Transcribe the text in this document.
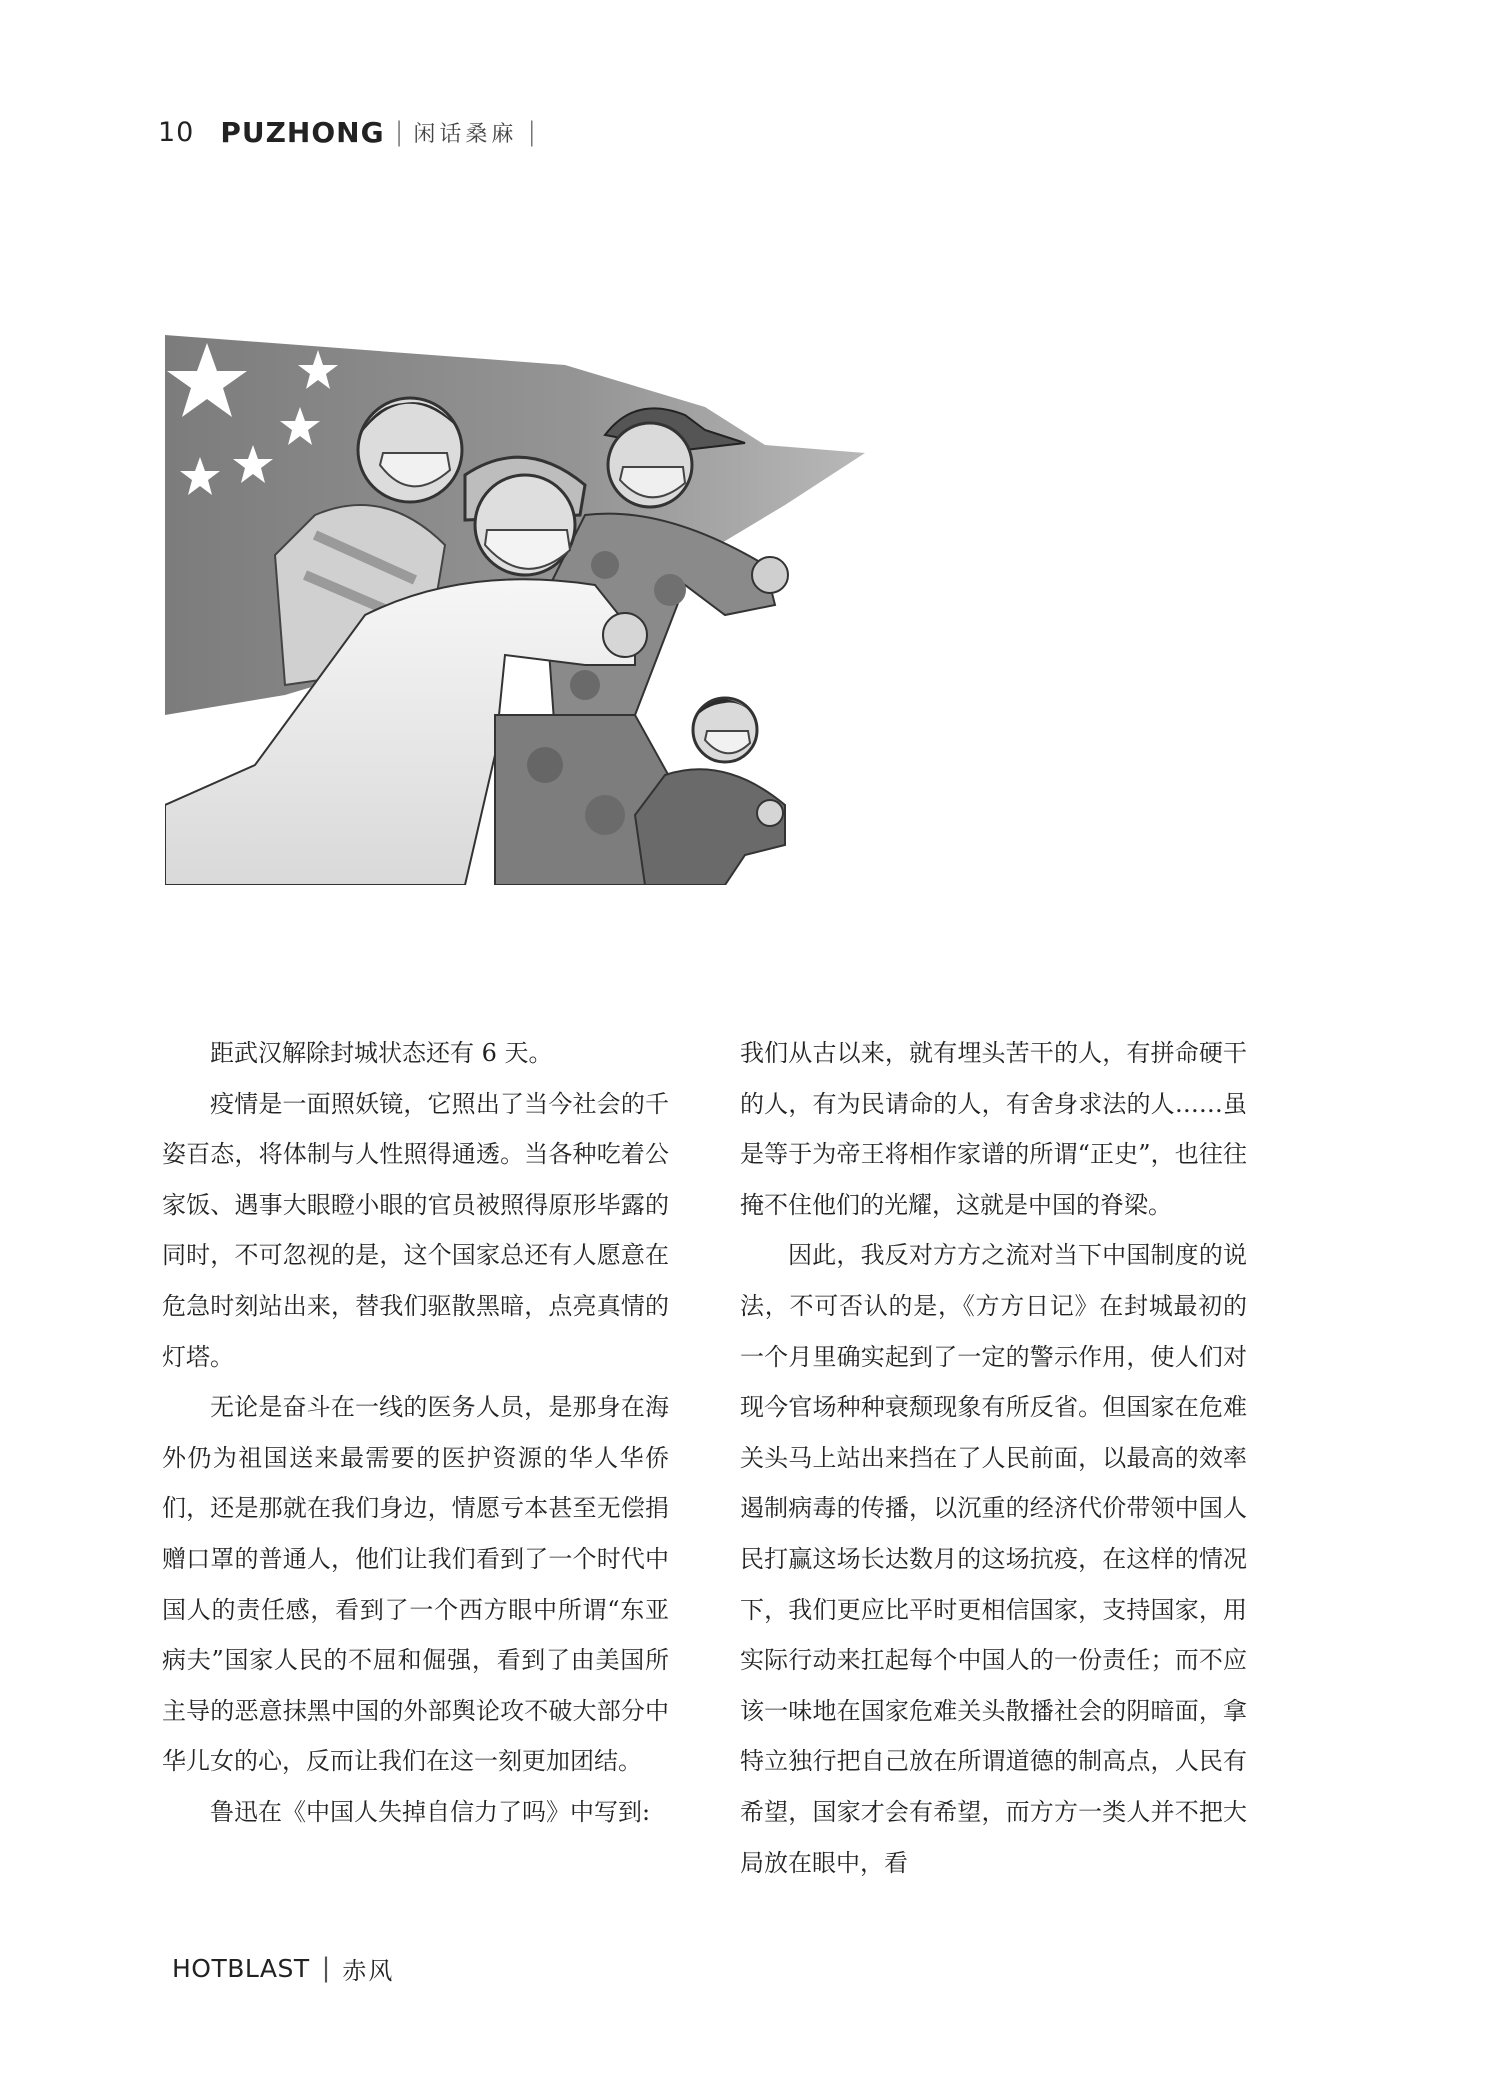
10 PUZHONG | 闲话桑麻 |

距武汉解除封城状态还有 6 天。

疫情是一面照妖镜，它照出了当今社会的千姿百态，将体制与人性照得通透。当各种吃着公家饭、遇事大眼瞪小眼的官员被照得原形毕露的同时，不可忽视的是，这个国家总还有人愿意在危急时刻站出来，替我们驱散黑暗，点亮真情的灯塔。

无论是奋斗在一线的医务人员，是那身在海外仍为祖国送来最需要的医护资源的华人华侨们，还是那就在我们身边，情愿亏本甚至无偿捐赠口罩的普通人，他们让我们看到了一个时代中国人的责任感，看到了一个西方眼中所谓“东亚病夫”国家人民的不屈和倔强，看到了由美国所主导的恶意抹黑中国的外部舆论攻不破大部分中华儿女的心，反而让我们在这一刻更加团结。

鲁迅在《中国人失掉自信力了吗》中写到:

我们从古以来，就有埋头苦干的人，有拼命硬干的人，有为民请命的人，有舍身求法的人……虽是等于为帝王将相作家谱的所谓“正史”，也往往掩不住他们的光耀，这就是中国的脊梁。

因此，我反对方方之流对当下中国制度的说法，不可否认的是，《方方日记》在封城最初的一个月里确实起到了一定的警示作用，使人们对现今官场种种衰颓现象有所反省。但国家在危难关头马上站出来挡在了人民前面，以最高的效率遏制病毒的传播，以沉重的经济代价带领中国人民打赢这场长达数月的这场抗疫，在这样的情况下，我们更应比平时更相信国家，支持国家，用实际行动来扛起每个中国人的一份责任；而不应该一味地在国家危难关头散播社会的阴暗面，拿特立独行把自己放在所谓道德的制高点，人民有希望，国家才会有希望，而方方一类人并不把大局放在眼中，看

HOTBLAST | 赤风
